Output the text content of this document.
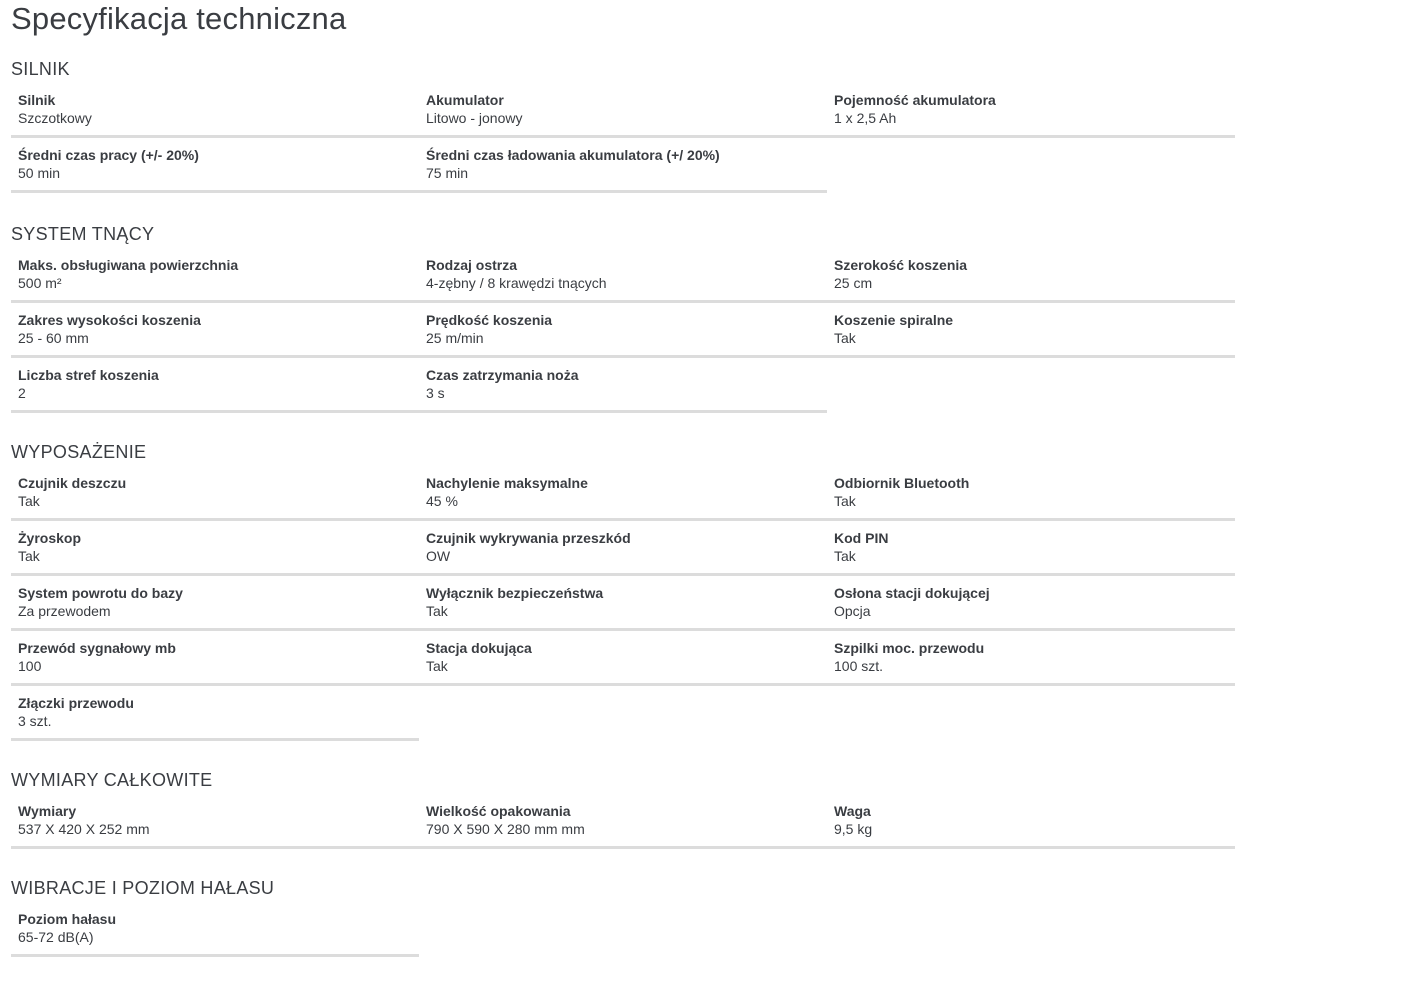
Specyfikacja techniczna
SILNIK
Silnik
Szczotkowy
Akumulator
Litowo - jonowy
Pojemność akumulatora
1 x 2,5 Ah
Średni czas pracy (+/- 20%)
50 min
Średni czas ładowania akumulatora (+/ 20%)
75 min
SYSTEM TNĄCY
Maks. obsługiwana powierzchnia
500 m²
Rodzaj ostrza
4-zębny / 8 krawędzi tnących
Szerokość koszenia
25 cm
Zakres wysokości koszenia
25 - 60 mm
Prędkość koszenia
25 m/min
Koszenie spiralne
Tak
Liczba stref koszenia
2
Czas zatrzymania noża
3 s
WYPOSAŻENIE
Czujnik deszczu
Tak
Nachylenie maksymalne
45 %
Odbiornik Bluetooth
Tak
Żyroskop
Tak
Czujnik wykrywania przeszkód
OW
Kod PIN
Tak
System powrotu do bazy
Za przewodem
Wyłącznik bezpieczeństwa
Tak
Osłona stacji dokującej
Opcja
Przewód sygnałowy mb
100
Stacja dokująca
Tak
Szpilki moc. przewodu
100 szt.
Złączki przewodu
3 szt.
WYMIARY CAŁKOWITE
Wymiary
537 X 420 X 252 mm
Wielkość opakowania
790 X 590 X 280 mm mm
Waga
9,5 kg
WIBRACJE I POZIOM HAŁASU
Poziom hałasu
65-72 dB(A)
